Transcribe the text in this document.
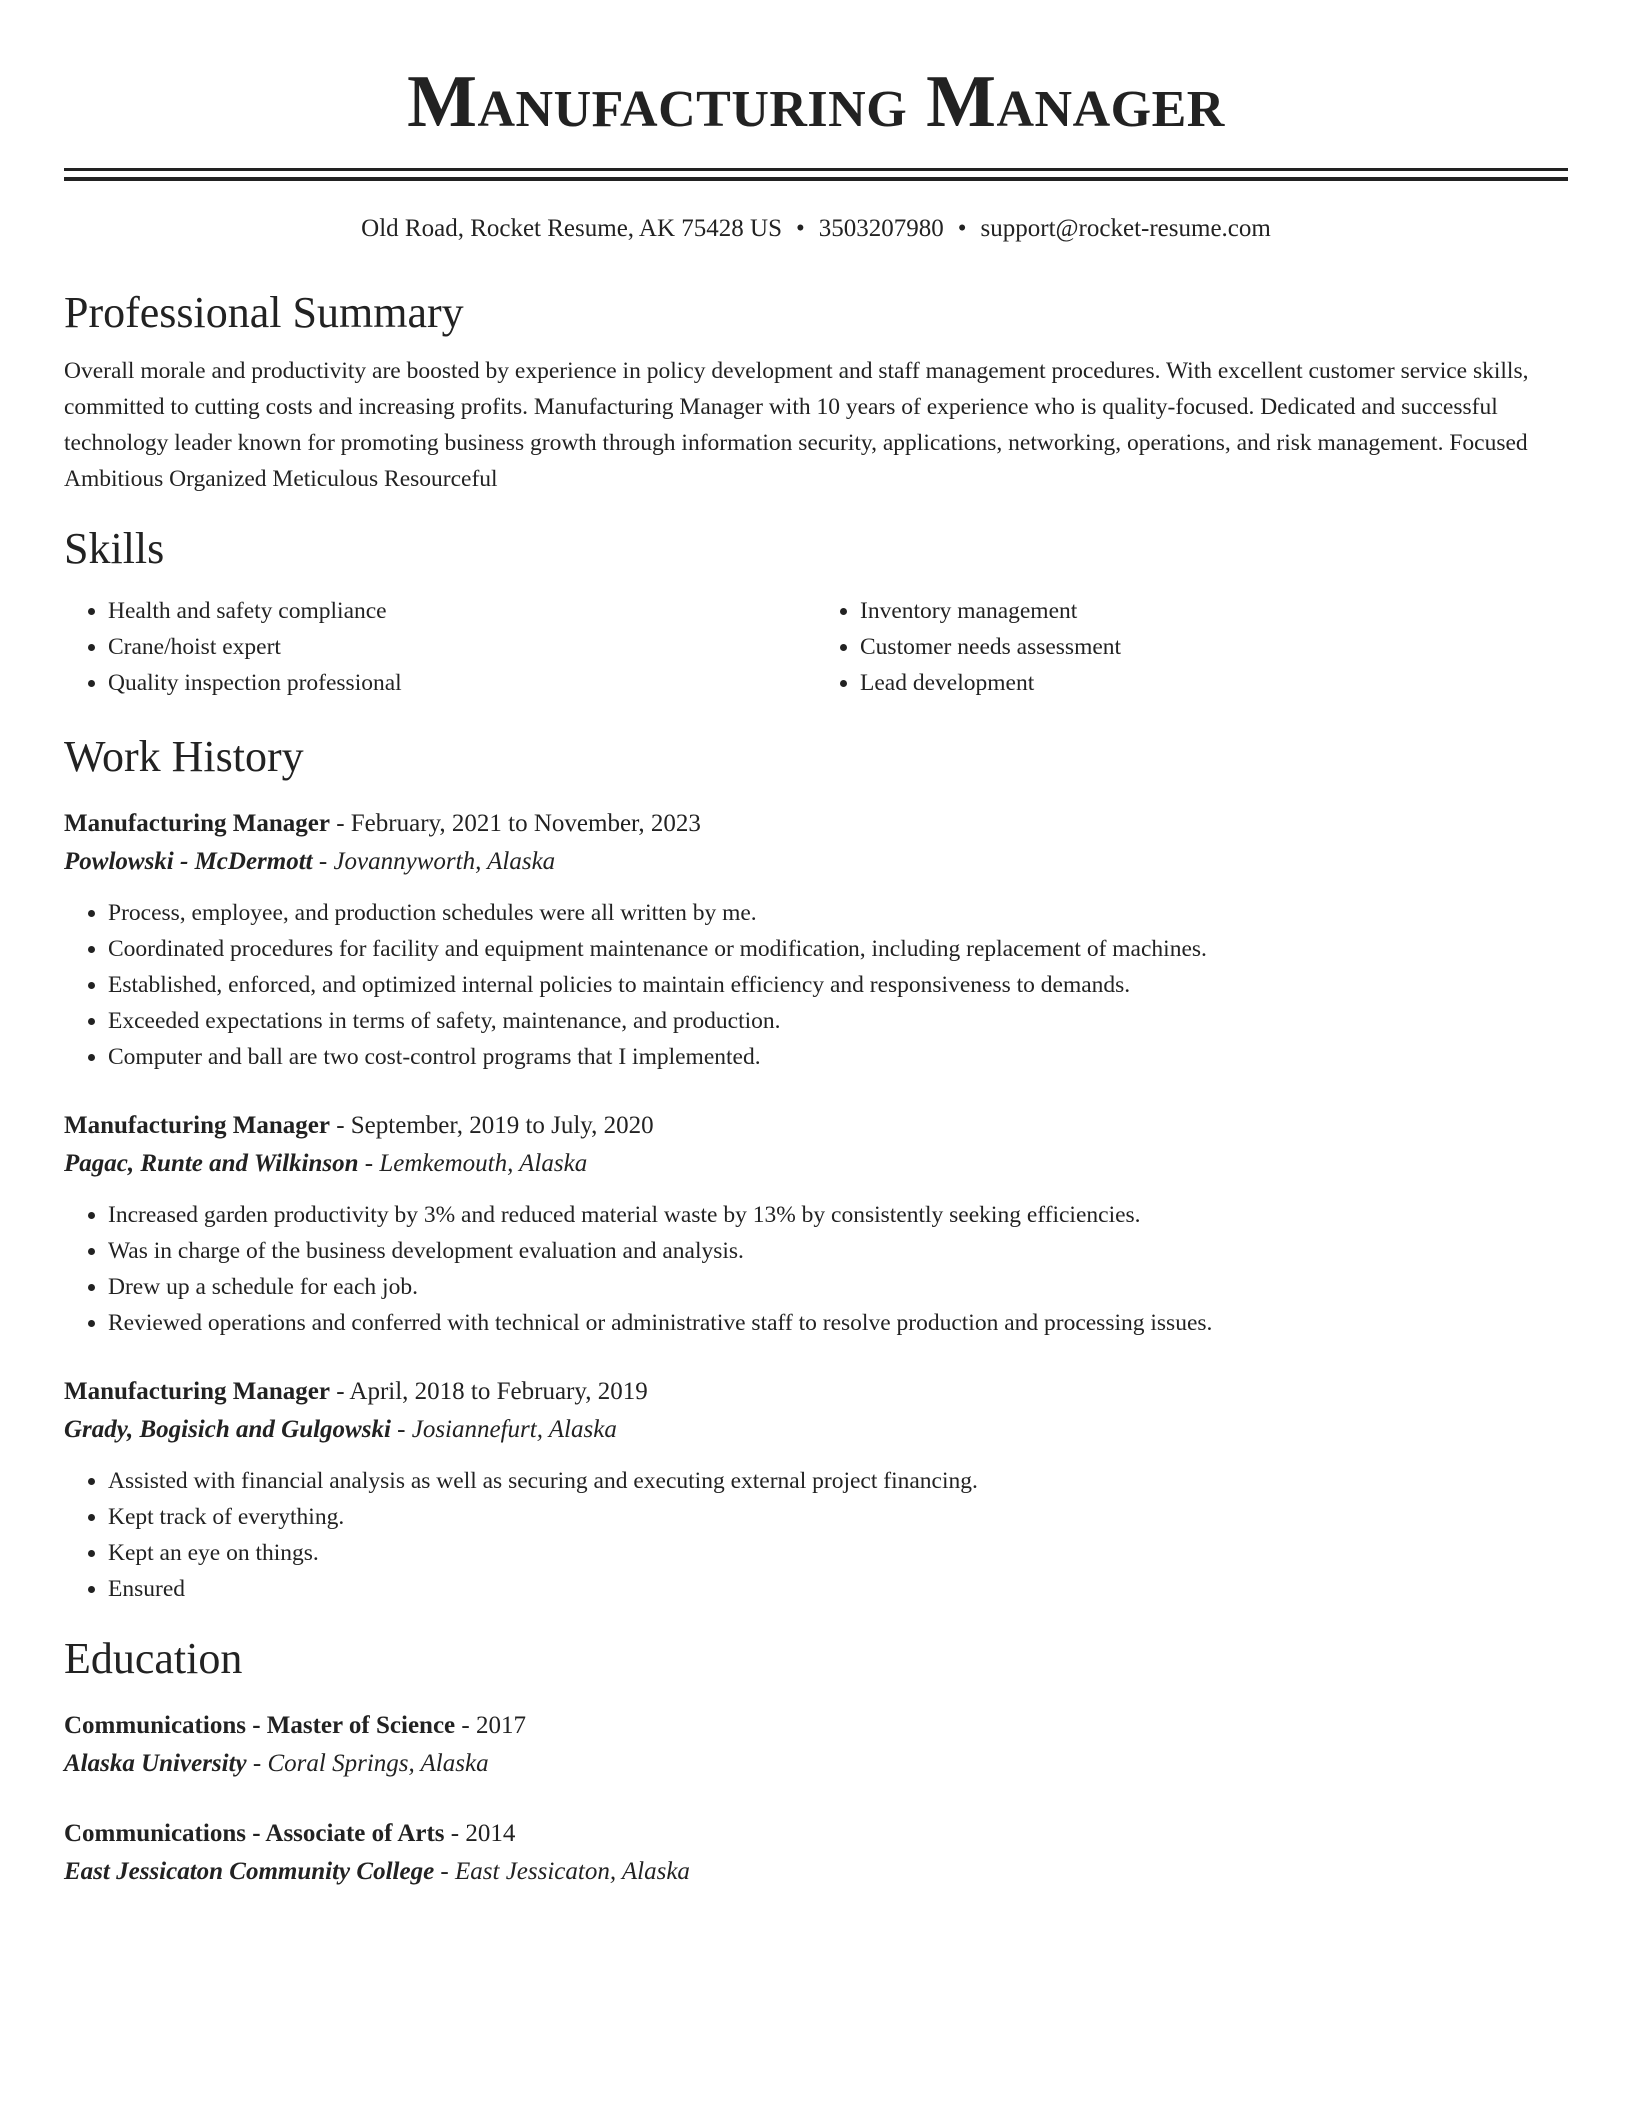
Manufacturing Manager
Old Road, Rocket Resume, AK 75428 US • 3503207980 • support@rocket-resume.com
Professional Summary

Overall morale and productivity are boosted by experience in policy development and staff management procedures. With excellent customer service skills, committed to cutting costs and increasing profits. Manufacturing Manager with 10 years of experience who is quality-focused. Dedicated and successful technology leader known for promoting business growth through information security, applications, networking, operations, and risk management. Focused Ambitious Organized Meticulous Resourceful

Skills
• Health and safety compliance
• Crane/hoist expert
• Quality inspection professional
• Inventory management
• Customer needs assessment
• Lead development
Work History
Manufacturing Manager - February, 2021 to November, 2023
Powlowski - McDermott - Jovannyworth, Alaska
• Process, employee, and production schedules were all written by me.
• Coordinated procedures for facility and equipment maintenance or modification, including replacement of machines.
• Established, enforced, and optimized internal policies to maintain efficiency and responsiveness to demands.
• Exceeded expectations in terms of safety, maintenance, and production.
• Computer and ball are two cost-control programs that I implemented.
Manufacturing Manager - September, 2019 to July, 2020
Pagac, Runte and Wilkinson - Lemkemouth, Alaska
• Increased garden productivity by 3% and reduced material waste by 13% by consistently seeking efficiencies.
• Was in charge of the business development evaluation and analysis.
• Drew up a schedule for each job.
• Reviewed operations and conferred with technical or administrative staff to resolve production and processing issues.
Manufacturing Manager - April, 2018 to February, 2019
Grady, Bogisich and Gulgowski - Josiannefurt, Alaska
• Assisted with financial analysis as well as securing and executing external project financing.
• Kept track of everything.
• Kept an eye on things.
• Ensured
Education
Communications - Master of Science - 2017
Alaska University - Coral Springs, Alaska
Communications - Associate of Arts - 2014
East Jessicaton Community College - East Jessicaton, Alaska
